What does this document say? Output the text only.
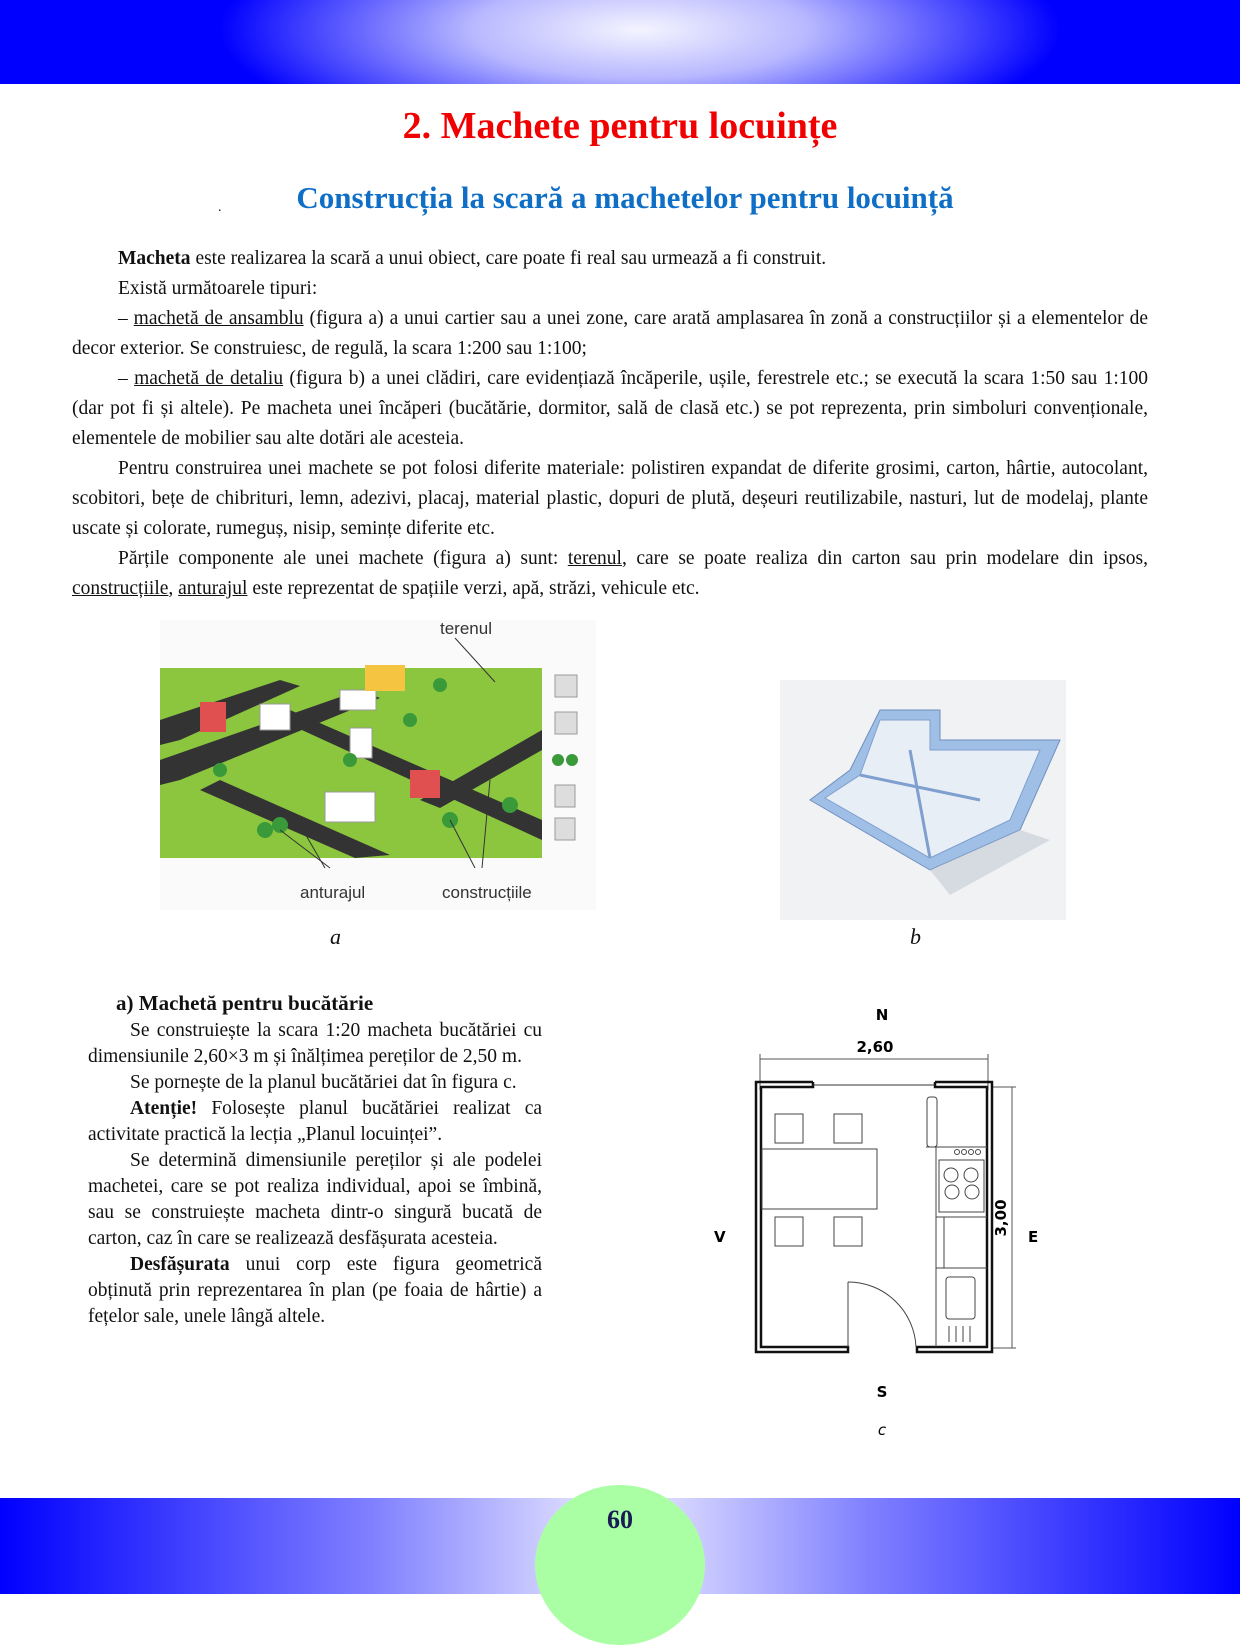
2. Machete pentru locuințe
.	Construcția la scară a machetelor pentru locuință

Macheta este realizarea la scară a unui obiect, care poate fi real sau urmează a fi construit.

Există următoarele tipuri:

– machetă de ansamblu (figura a) a unui cartier sau a unei zone, care arată amplasarea în zonă a construcțiilor și a elementelor de decor exterior. Se construiesc, de regulă, la scara 1:200 sau 1:100;

– machetă de detaliu (figura b) a unei clădiri, care evidențiază încăperile, ușile, ferestrele etc.; se execută la scara 1:50 sau 1:100 (dar pot fi și altele). Pe macheta unei încăperi (bucătărie, dormitor, sală de clasă etc.) se pot reprezenta, prin simboluri convenționale, elementele de mobilier sau alte dotări ale acesteia.

Pentru construirea unei machete se pot folosi diferite materiale: polistiren expandat de diferite grosimi, carton, hârtie, autocolant, scobitori, bețe de chibrituri, lemn, adezivi, placaj, material plastic, dopuri de plută, deșeuri reutilizabile, nasturi, lut de modelaj, plante uscate și colorate, rumeguș, nisip, semințe diferite etc.

Părțile componente ale unei machete (figura a) sunt: terenul, care se poate realiza din carton sau prin modelare din ipsos, construcțiile, anturajul este reprezentat de spațiile verzi, apă, străzi, vehicule etc.

terenul
anturajul	construcțiile
a	b
a) Machetă pentru bucătărie

Se construiește la scara 1:20 macheta bucătăriei cu dimensiunile 2,60×3 m și înălțimea pereților de 2,50 m.

Se pornește de la planul bucătăriei dat în figura c.

Atenție! Folosește planul bucătăriei realizat ca activitate practică la lecția „Planul locuinței”.

Se determină dimensiunile pereților și ale podelei machetei, care se pot realiza individual, apoi se îmbină, sau se construiește macheta dintr-o singură bucată de carton, caz în care se realizează desfășurata acesteia.

Desfășurata unui corp este figura geometrică obținută prin reprezentarea în plan (pe foaia de hârtie) a fețelor sale, unele lângă altele.

N
2,60
3,00
V	E
S
c
60
